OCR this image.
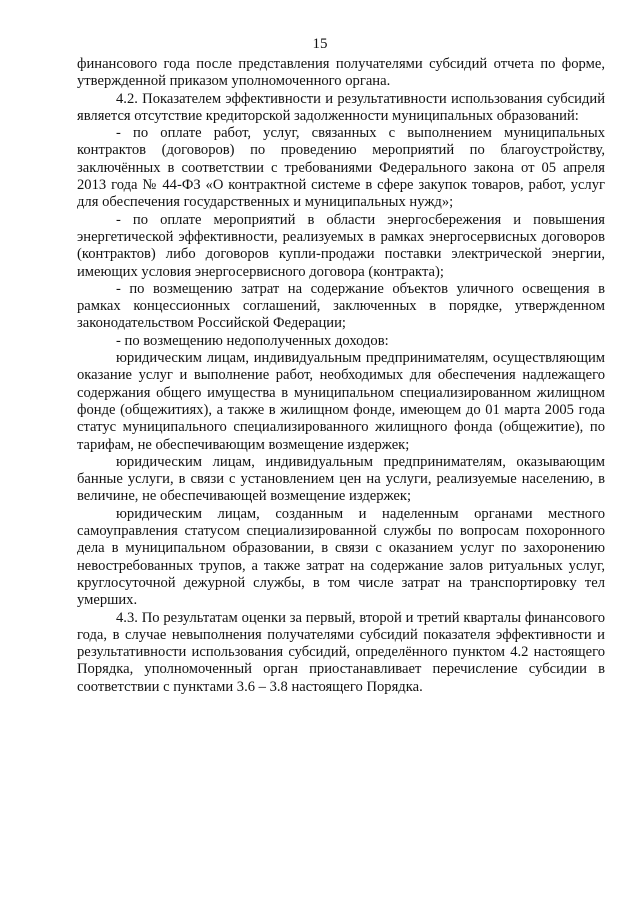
15

финансового года после представления получателями субсидий отчета по форме, утвержденной приказом уполномоченного органа.

4.2. Показателем эффективности и результативности использования субсидий является отсутствие кредиторской задолженности муниципальных образований:

- по оплате работ, услуг, связанных с выполнением муниципальных контрактов (договоров) по проведению мероприятий по благоустройству, заключённых в соответствии с требованиями Федерального закона от 05 апреля 2013 года № 44-ФЗ «О контрактной системе в сфере закупок товаров, работ, услуг для обеспечения государственных и муниципальных нужд»;

- по оплате мероприятий в области энергосбережения и повышения энергетической эффективности, реализуемых в рамках энергосервисных договоров (контрактов) либо договоров купли-продажи поставки электрической энергии, имеющих условия энергосервисного договора (контракта);

- по возмещению затрат на содержание объектов уличного освещения в рамках концессионных соглашений, заключенных в порядке, утвержденном законодательством Российской Федерации;

- по возмещению недополученных доходов:

юридическим лицам, индивидуальным предпринимателям, осуществляющим оказание услуг и выполнение работ, необходимых для обеспечения надлежащего содержания общего имущества в муниципальном специализированном жилищном фонде (общежитиях), а также в жилищном фонде, имеющем до 01 марта 2005 года статус муниципального специализированного жилищного фонда (общежитие), по тарифам, не обеспечивающим возмещение издержек;

юридическим лицам, индивидуальным предпринимателям, оказывающим банные услуги, в связи с установлением цен на услуги, реализуемые населению, в величине, не обеспечивающей возмещение издержек;

юридическим лицам, созданным и наделенным органами местного самоуправления статусом специализированной службы по вопросам похоронного дела в муниципальном образовании, в связи с оказанием услуг по захоронению невостребованных трупов, а также затрат на содержание залов ритуальных услуг, круглосуточной дежурной службы, в том числе затрат на транспортировку тел умерших.

4.3. По результатам оценки за первый, второй и третий кварталы финансового года, в случае невыполнения получателями субсидий показателя эффективности и результативности использования субсидий, определённого пунктом 4.2 настоящего Порядка, уполномоченный орган приостанавливает перечисление субсидии в соответствии с пунктами 3.6 – 3.8 настоящего Порядка.
